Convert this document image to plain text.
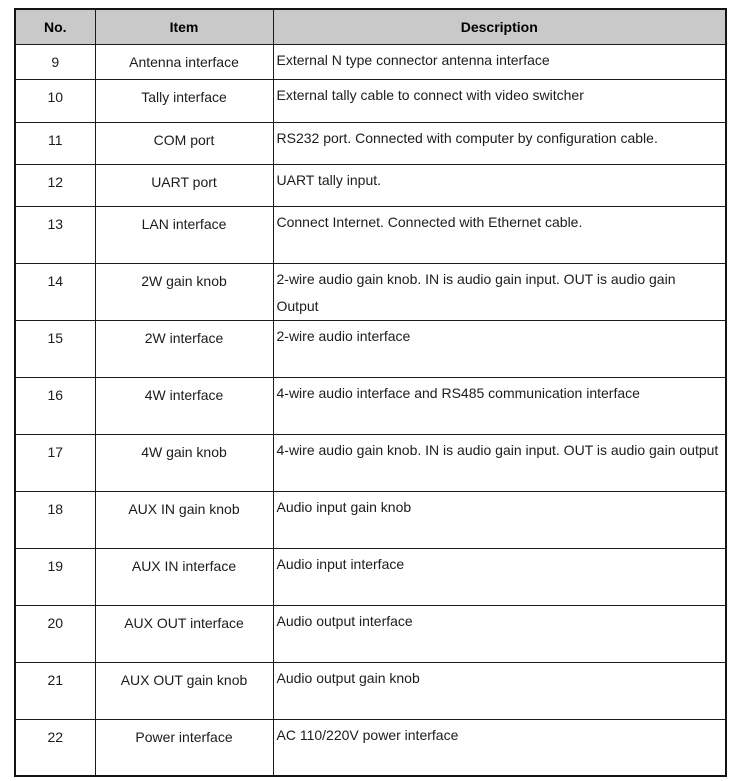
No.	Item	Description
9	Antenna interface	External N type connector antenna interface
10	Tally interface	External tally cable to connect with video switcher
11	COM port	RS232 port. Connected with computer by configuration cable.
12	UART port	UART tally input.
13	LAN interface	Connect Internet. Connected with Ethernet cable.
14	2W gain knob	2-wire audio gain knob. IN is audio gain input. OUT is audio gain Output
15	2W interface	2-wire audio interface
16	4W interface	4-wire audio interface and RS485 communication interface
17	4W gain knob	4-wire audio gain knob. IN is audio gain input. OUT is audio gain output
18	AUX IN gain knob	Audio input gain knob
19	AUX IN interface	Audio input interface
20	AUX OUT interface	Audio output interface
21	AUX OUT gain knob	Audio output gain knob
22	Power interface	AC 110/220V power interface
